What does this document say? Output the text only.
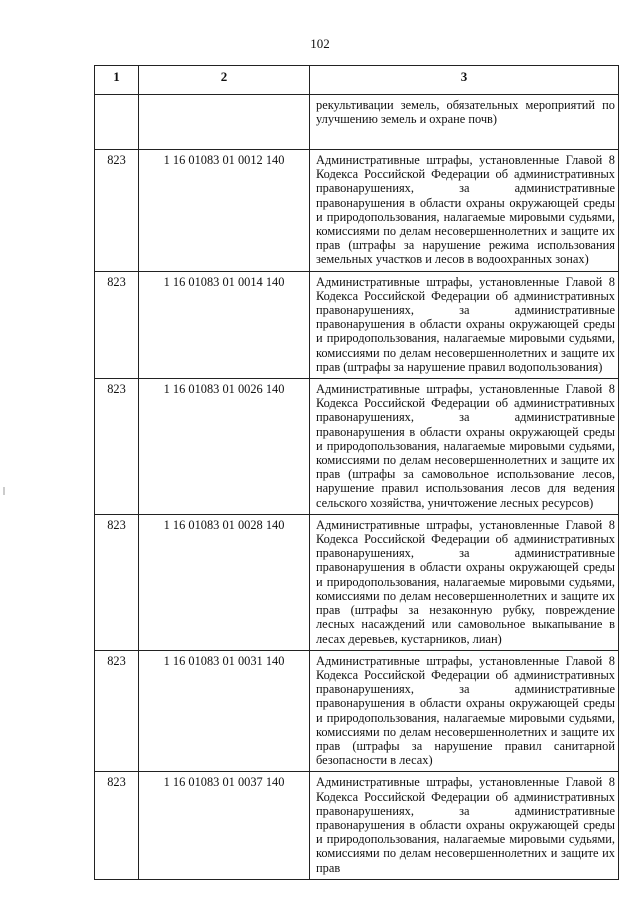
102
1	2	3
		рекультивации земель, обязательных мероприятий по улучшению земель и охране почв)
823	1 16 01083 01 0012 140	Административные штрафы, установленные Главой 8 Кодекса Российской Федерации об административных правонарушениях, за административные правонарушения в области охраны окружающей среды и природопользования, налагаемые мировыми судьями, комиссиями по делам несовершеннолетних и защите их прав (штрафы за нарушение режима использования земельных участков и лесов в водоохранных зонах)
823	1 16 01083 01 0014 140	Административные штрафы, установленные Главой 8 Кодекса Российской Федерации об административных правонарушениях, за административные правонарушения в области охраны окружающей среды и природопользования, налагаемые мировыми судьями, комиссиями по делам несовершеннолетних и защите их прав (штрафы за нарушение правил водопользования)
823	1 16 01083 01 0026 140	Административные штрафы, установленные Главой 8 Кодекса Российской Федерации об административных правонарушениях, за административные правонарушения в области охраны окружающей среды и природопользования, налагаемые мировыми судьями, комиссиями по делам несовершеннолетних и защите их прав (штрафы за самовольное использование лесов, нарушение правил использования лесов для ведения сельского хозяйства, уничтожение лесных ресурсов)
823	1 16 01083 01 0028 140	Административные штрафы, установленные Главой 8 Кодекса Российской Федерации об административных правонарушениях, за административные правонарушения в области охраны окружающей среды и природопользования, налагаемые мировыми судьями, комиссиями по делам несовершеннолетних и защите их прав (штрафы за незаконную рубку, повреждение лесных насаждений или самовольное выкапывание в лесах деревьев, кустарников, лиан)
823	1 16 01083 01 0031 140	Административные штрафы, установленные Главой 8 Кодекса Российской Федерации об административных правонарушениях, за административные правонарушения в области охраны окружающей среды и природопользования, налагаемые мировыми судьями, комиссиями по делам несовершеннолетних и защите их прав (штрафы за нарушение правил санитарной безопасности в лесах)
823	1 16 01083 01 0037 140	Административные штрафы, установленные Главой 8 Кодекса Российской Федерации об административных правонарушениях, за административные правонарушения в области охраны окружающей среды и природопользования, налагаемые мировыми судьями, комиссиями по делам несовершеннолетних и защите их прав
